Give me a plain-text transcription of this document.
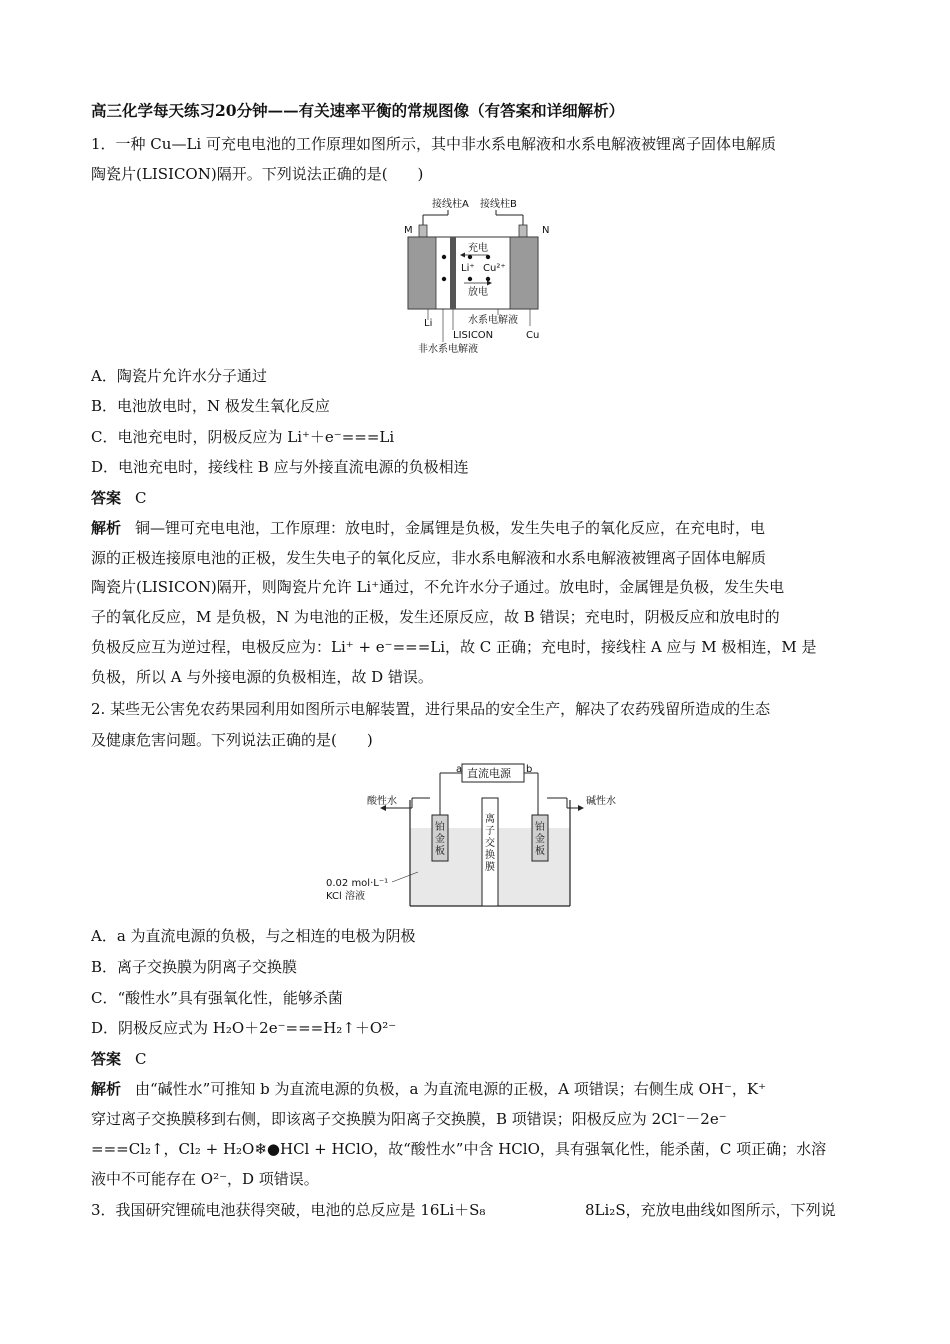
高三化学每天练习20分钟——有关速率平衡的常规图像（有答案和详细解析）
1．一种 Cu—Li 可充电电池的工作原理如图所示，其中非水系电解液和水系电解液被锂离子固体电解质
陶瓷片(LISICON)隔开。下列说法正确的是(　　)
接线柱A 接线柱B
M	N
充电
Li⁺ Cu²⁺
放电
Li
LISICON
非水系电解液
水系电解液
Cu
A．陶瓷片允许水分子通过
B．电池放电时，N 极发生氧化反应
C．电池充电时，阴极反应为 Li⁺＋e⁻===Li
D．电池充电时，接线柱 B 应与外接直流电源的负极相连
答案 C
解析 铜—锂可充电电池，工作原理：放电时，金属锂是负极，发生失电子的氧化反应，在充电时，电
源的正极连接原电池的正极，发生失电子的氧化反应，非水系电解液和水系电解液被锂离子固体电解质
陶瓷片(LISICON)隔开，则陶瓷片允许 Li⁺通过，不允许水分子通过。放电时，金属锂是负极，发生失电
子的氧化反应，M 是负极，N 为电池的正极，发生还原反应，故 B 错误；充电时，阴极反应和放电时的
负极反应互为逆过程，电极反应为：Li⁺ + e⁻===Li，故 C 正确；充电时，接线柱 A 应与 M 极相连，M 是
负极，所以 A 与外接电源的负极相连，故 D 错误。
2. 某些无公害免农药果园利用如图所示电解装置，进行果品的安全生产，解决了农药残留所造成的生态
及健康危害问题。下列说法正确的是(　　)
直流电源
a	b
酸性水	碱性水
离
子
交
换
膜
铂
金
板
铂
金
板
0.02 mol·L⁻¹
KCl 溶液
A．a 为直流电源的负极，与之相连的电极为阴极
B．离子交换膜为阴离子交换膜
C．“酸性水”具有强氧化性，能够杀菌
D．阴极反应式为 H₂O＋2e⁻===H₂↑＋O²⁻
答案 C
解析 由“碱性水”可推知 b 为直流电源的负极，a 为直流电源的正极，A 项错误；右侧生成 OH⁻，K⁺
穿过离子交换膜移到右侧，即该离子交换膜为阳离子交换膜，B 项错误；阳极反应为 2Cl⁻－2e⁻
===Cl₂↑，Cl₂ + H₂O❄●HCl + HClO，故“酸性水”中含 HClO，具有强氧化性，能杀菌，C 项正确；水溶
液中不可能存在 O²⁻，D 项错误。
3．我国研究锂硫电池获得突破，电池的总反应是 16Li＋S₈	8Li₂S，充放电曲线如图所示，下列说
